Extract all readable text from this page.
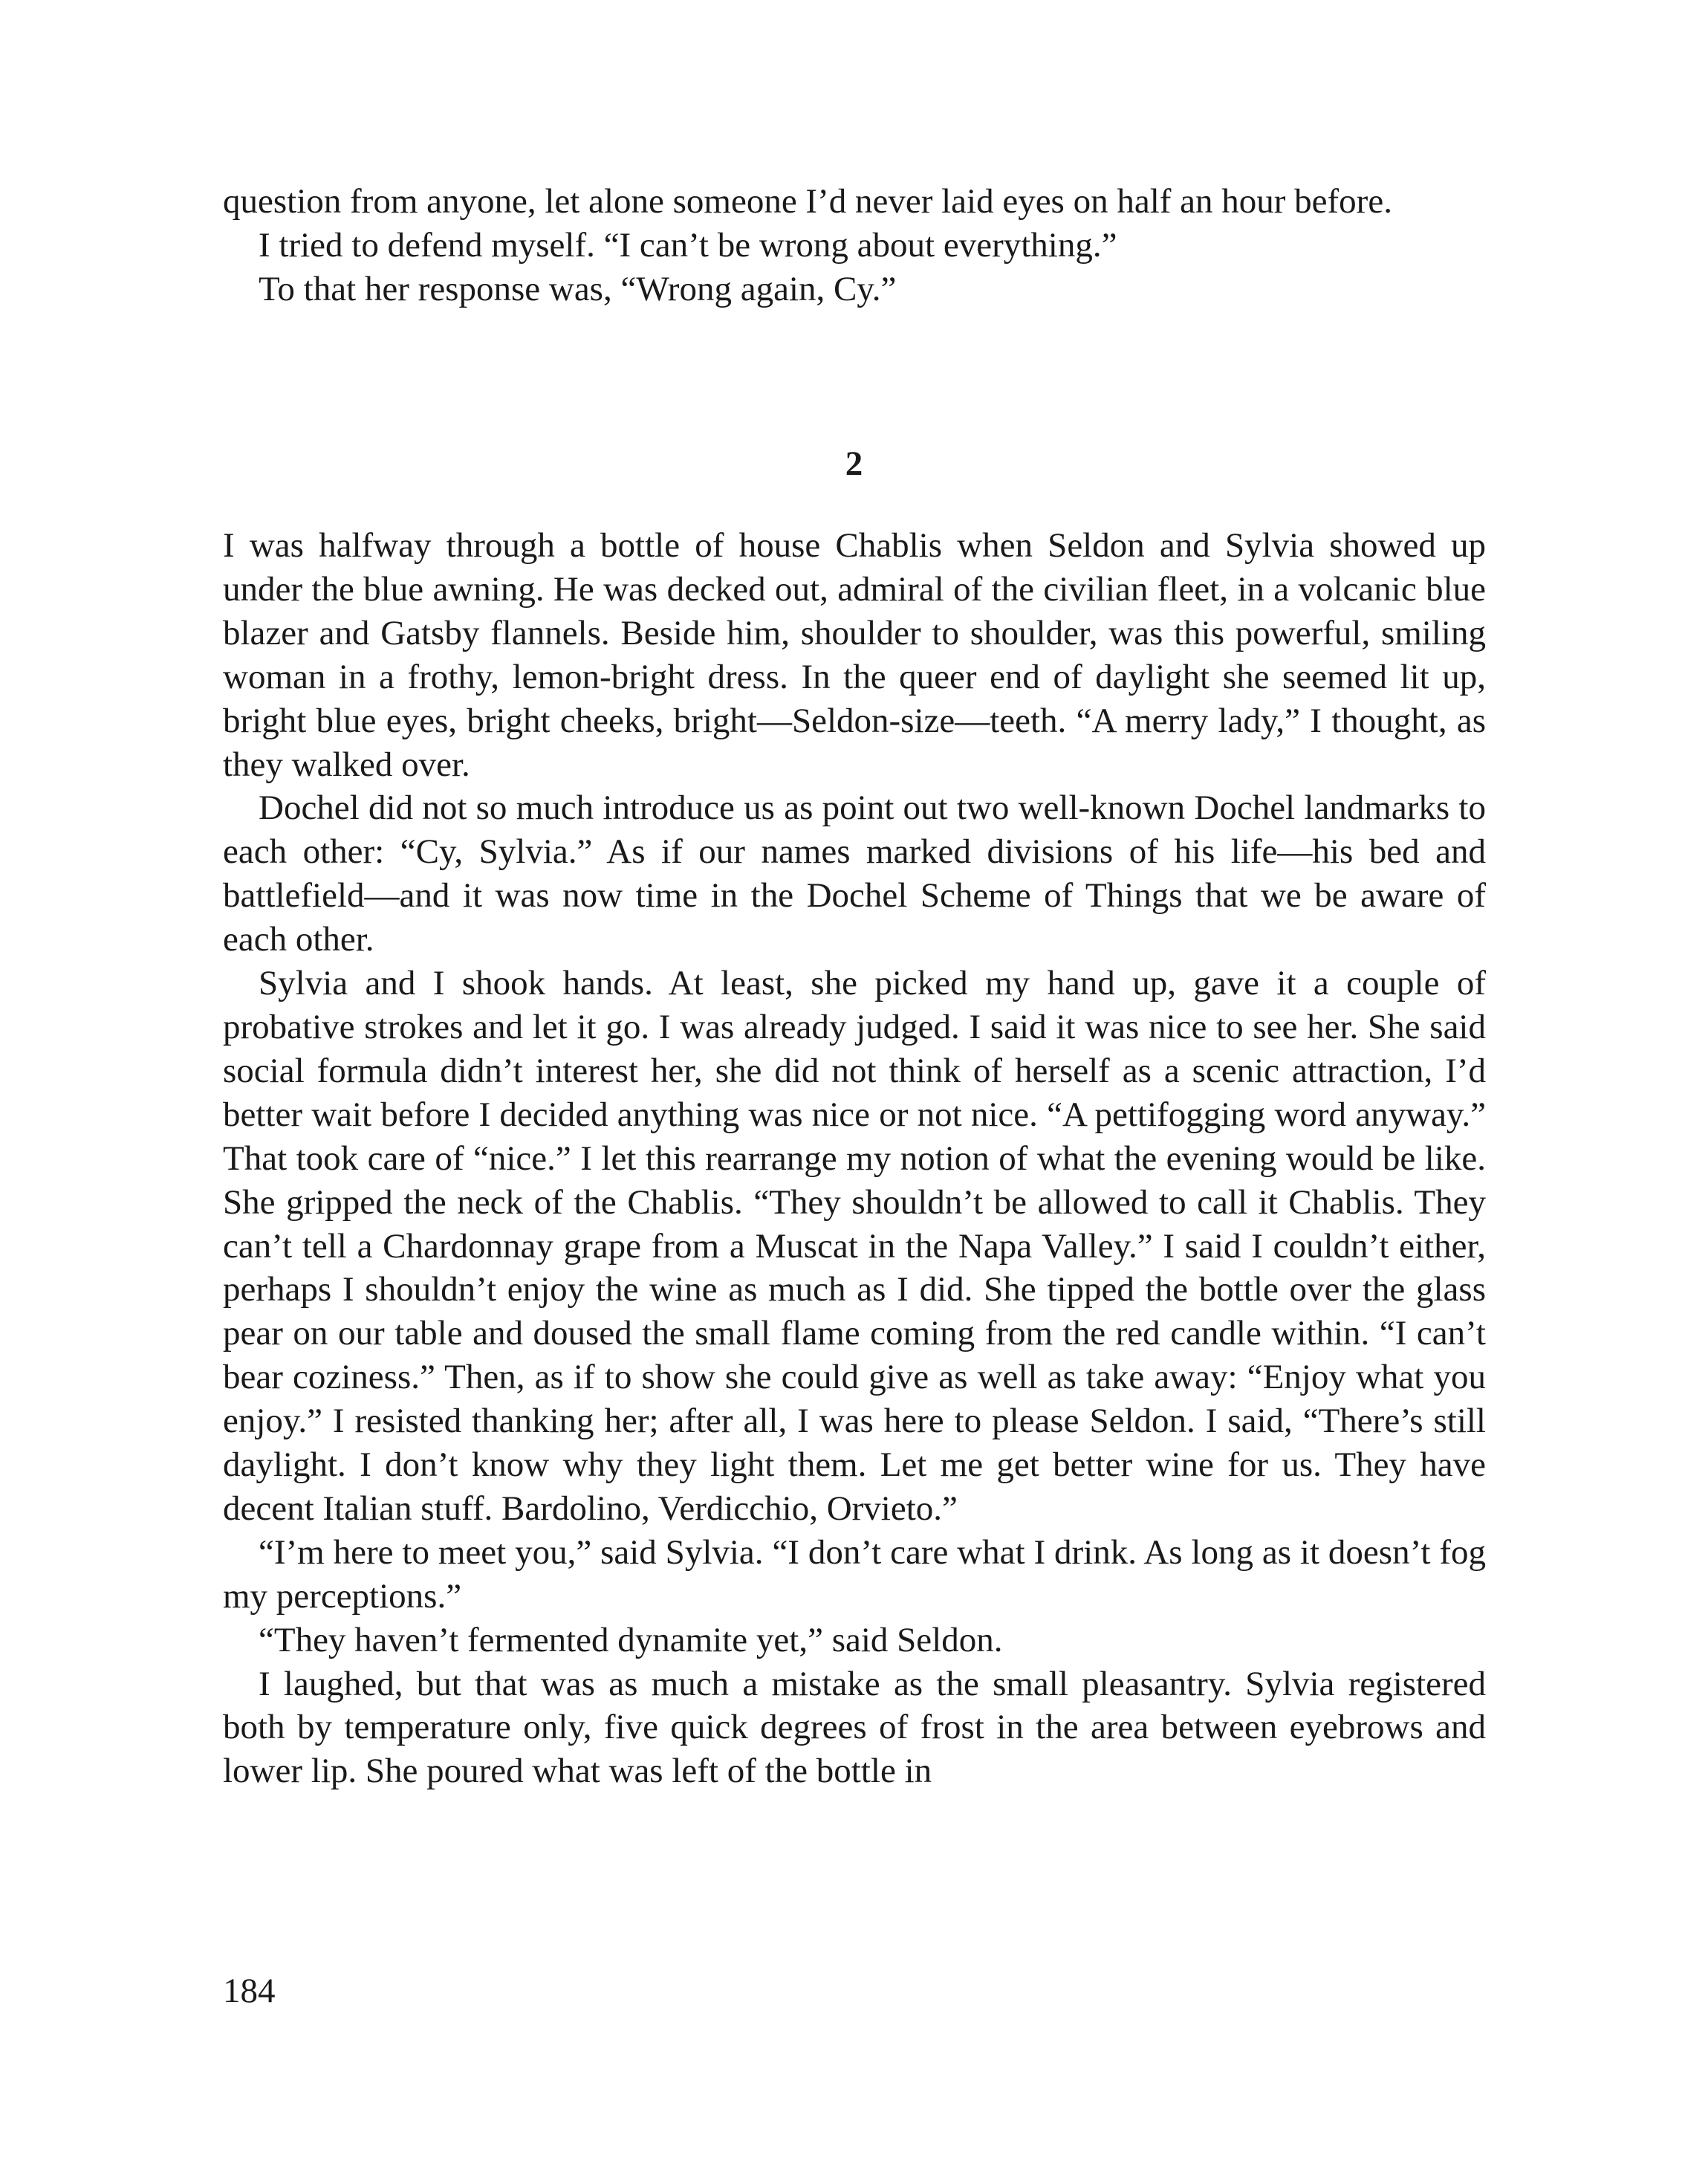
question from anyone, let alone someone I’d never laid eyes on half an hour before.

I tried to defend myself. “I can’t be wrong about everything.”

To that her response was, “Wrong again, Cy.”

2

I was halfway through a bottle of house Chablis when Seldon and Sylvia showed up under the blue awning. He was decked out, admiral of the civilian fleet, in a volcanic blue blazer and Gatsby flannels. Beside him, shoulder to shoulder, was this powerful, smiling woman in a frothy, lemon-bright dress. In the queer end of daylight she seemed lit up, bright blue eyes, bright cheeks, bright—Seldon-size—teeth. “A merry lady,” I thought, as they walked over.

Dochel did not so much introduce us as point out two well-known Dochel landmarks to each other: “Cy, Sylvia.” As if our names marked divisions of his life—his bed and battlefield—and it was now time in the Dochel Scheme of Things that we be aware of each other.

Sylvia and I shook hands. At least, she picked my hand up, gave it a couple of probative strokes and let it go. I was already judged. I said it was nice to see her. She said social formula didn’t interest her, she did not think of herself as a scenic attraction, I’d better wait before I decided anything was nice or not nice. “A pettifogging word anyway.” That took care of “nice.” I let this rearrange my notion of what the evening would be like. She gripped the neck of the Chablis. “They shouldn’t be allowed to call it Chablis. They can’t tell a Chardonnay grape from a Muscat in the Napa Valley.” I said I couldn’t either, perhaps I shouldn’t enjoy the wine as much as I did. She tipped the bottle over the glass pear on our table and doused the small flame coming from the red candle within. “I can’t bear coziness.” Then, as if to show she could give as well as take away: “Enjoy what you enjoy.” I resisted thanking her; after all, I was here to please Seldon. I said, “There’s still daylight. I don’t know why they light them. Let me get better wine for us. They have decent Italian stuff. Bardolino, Verdicchio, Orvieto.”

“I’m here to meet you,” said Sylvia. “I don’t care what I drink. As long as it doesn’t fog my perceptions.”

“They haven’t fermented dynamite yet,” said Seldon.

I laughed, but that was as much a mistake as the small pleasantry. Sylvia registered both by temperature only, five quick degrees of frost in the area between eyebrows and lower lip. She poured what was left of the bottle in

184
